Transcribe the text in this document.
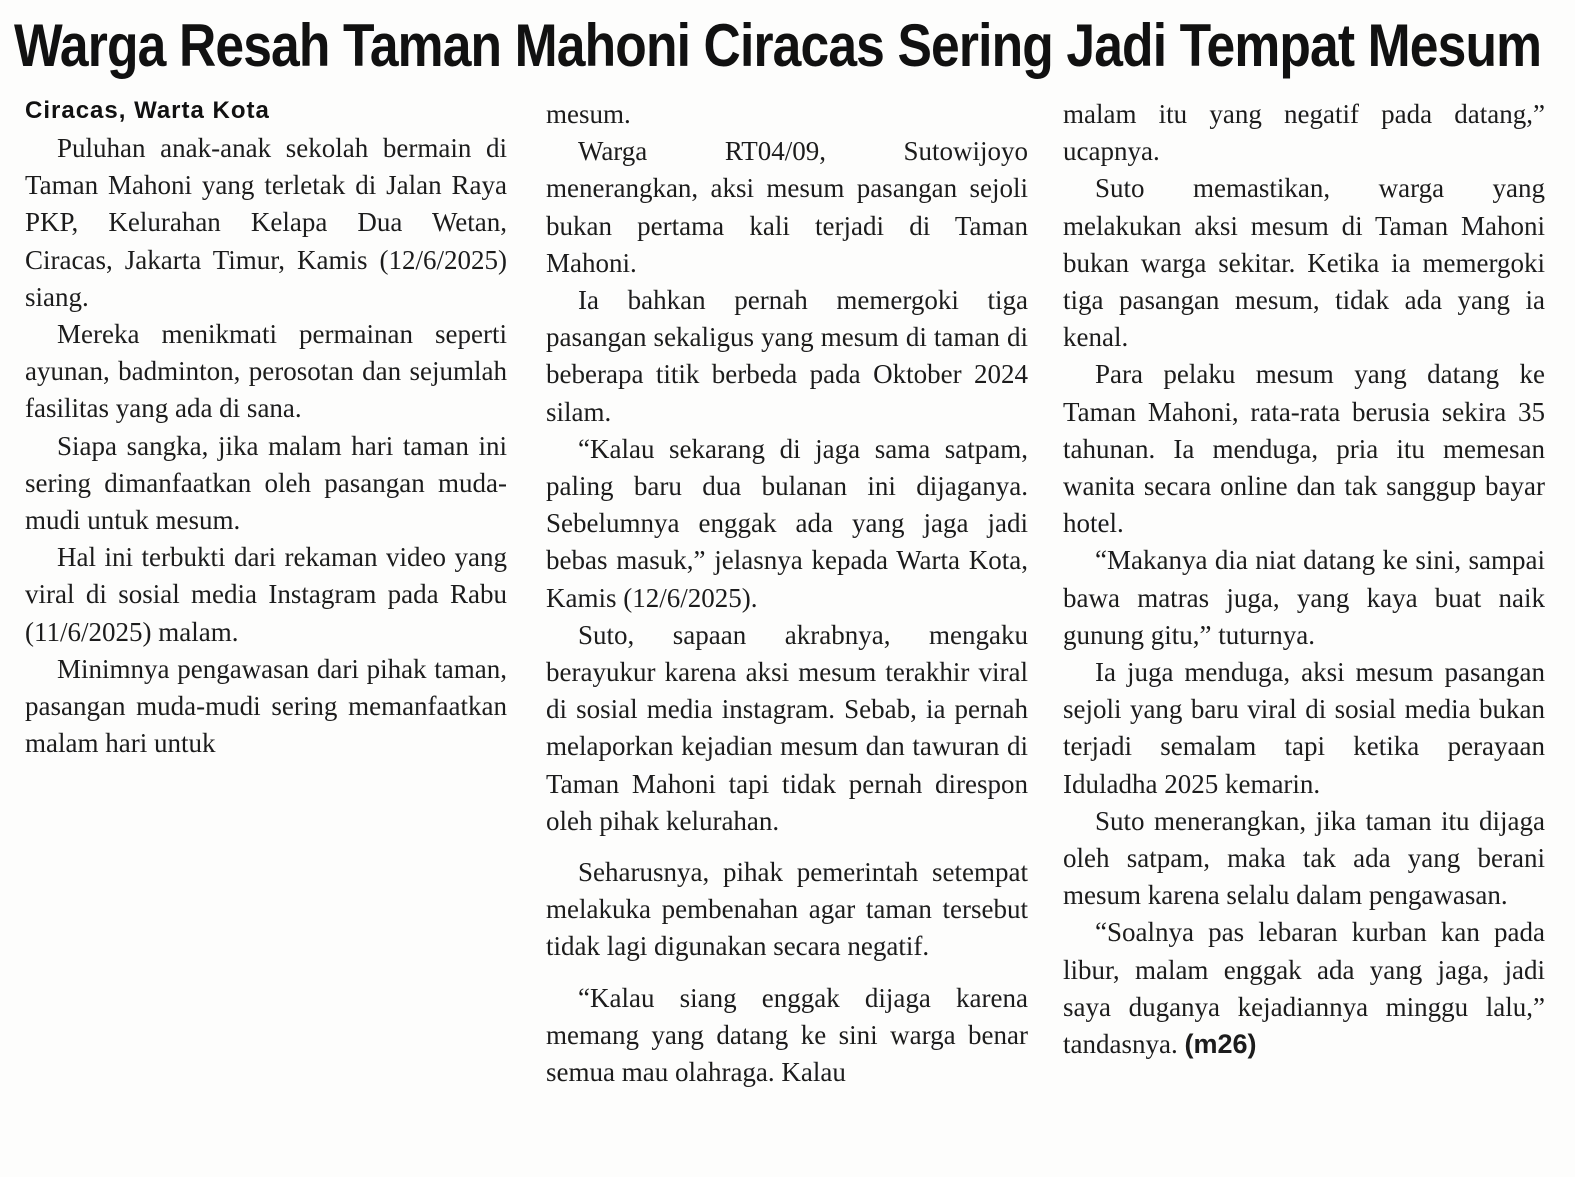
Warga Resah Taman Mahoni Ciracas Sering Jadi Tempat Mesum
Ciracas, Warta Kota

Puluhan anak-anak sekolah bermain di Taman Mahoni yang terletak di Jalan Raya PKP, Kelurahan Kelapa Dua Wetan, Ciracas, Jakarta Timur, Kamis (12/6/2025) siang.

Mereka menikmati permainan seperti ayunan, badminton, perosotan dan sejumlah fasilitas yang ada di sana.

Siapa sangka, jika malam hari taman ini sering dimanfaatkan oleh pasangan muda-mudi untuk mesum.

Hal ini terbukti dari rekaman video yang viral di sosial media Instagram pada Rabu (11/6/2025) malam.

Minimnya pengawasan dari pihak taman, pasangan muda-mudi sering memanfaatkan malam hari untuk

mesum.

Warga RT04/09, Sutowijoyo menerangkan, aksi mesum pasangan sejoli bukan pertama kali terjadi di Taman Mahoni.

Ia bahkan pernah memergoki tiga pasangan sekaligus yang mesum di taman di beberapa titik berbeda pada Oktober 2024 silam.

“Kalau sekarang di jaga sama satpam, paling baru dua bulanan ini dijaganya. Sebelumnya enggak ada yang jaga jadi bebas masuk,” jelasnya kepada Warta Kota, Kamis (12/6/2025).

Suto, sapaan akrabnya, mengaku berayukur karena aksi mesum terakhir viral di sosial media instagram. Sebab, ia pernah melaporkan kejadian mesum dan tawuran di Taman Mahoni tapi tidak pernah direspon oleh pihak kelurahan.

Seharusnya, pihak pemerintah setempat melakuka pembenahan agar taman tersebut tidak lagi digunakan secara negatif.

“Kalau siang enggak dijaga karena memang yang datang ke sini warga benar semua mau olahraga. Kalau

malam itu yang negatif pada datang,” ucapnya.

Suto memastikan, warga yang melakukan aksi mesum di Taman Mahoni bukan warga sekitar. Ketika ia memergoki tiga pasangan mesum, tidak ada yang ia kenal.

Para pelaku mesum yang datang ke Taman Mahoni, rata-rata berusia sekira 35 tahunan. Ia menduga, pria itu memesan wanita secara online dan tak sanggup bayar hotel.

“Makanya dia niat datang ke sini, sampai bawa matras juga, yang kaya buat naik gunung gitu,” tuturnya.

Ia juga menduga, aksi mesum pasangan sejoli yang baru viral di sosial media bukan terjadi semalam tapi ketika perayaan Iduladha 2025 kemarin.

Suto menerangkan, jika taman itu dijaga oleh satpam, maka tak ada yang berani mesum karena selalu dalam pengawasan.

“Soalnya pas lebaran kurban kan pada libur, malam enggak ada yang jaga, jadi saya duganya kejadiannya minggu lalu,” tandasnya. (m26)
